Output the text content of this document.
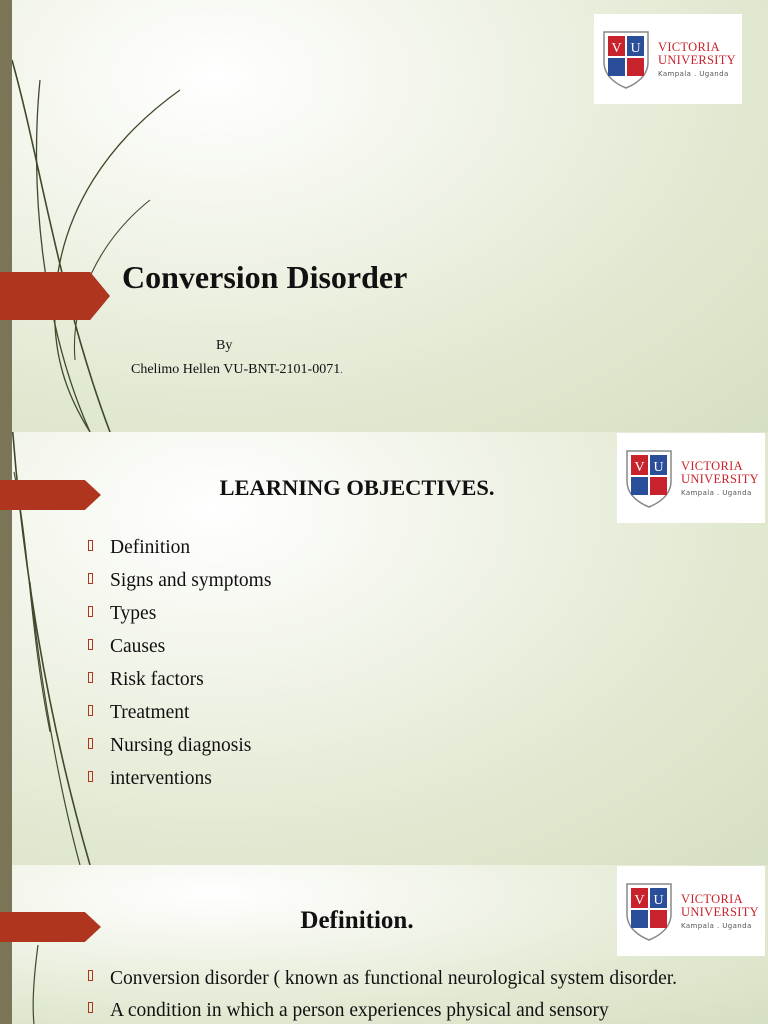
V U VICTORIA
UNIVERSITY
Kampala . Uganda
Conversion Disorder
By
Chelimo Hellen VU-BNT-2101-0071.
V U VICTORIA
UNIVERSITY
Kampala . Uganda
LEARNING OBJECTIVES.
Definition
Signs and symptoms
Types
Causes
Risk factors
Treatment
Nursing diagnosis
interventions
V U VICTORIA
UNIVERSITY
Kampala . Uganda
Definition.
Conversion disorder ( known as functional neurological system disorder.
A condition in which a person experiences physical and sensory
